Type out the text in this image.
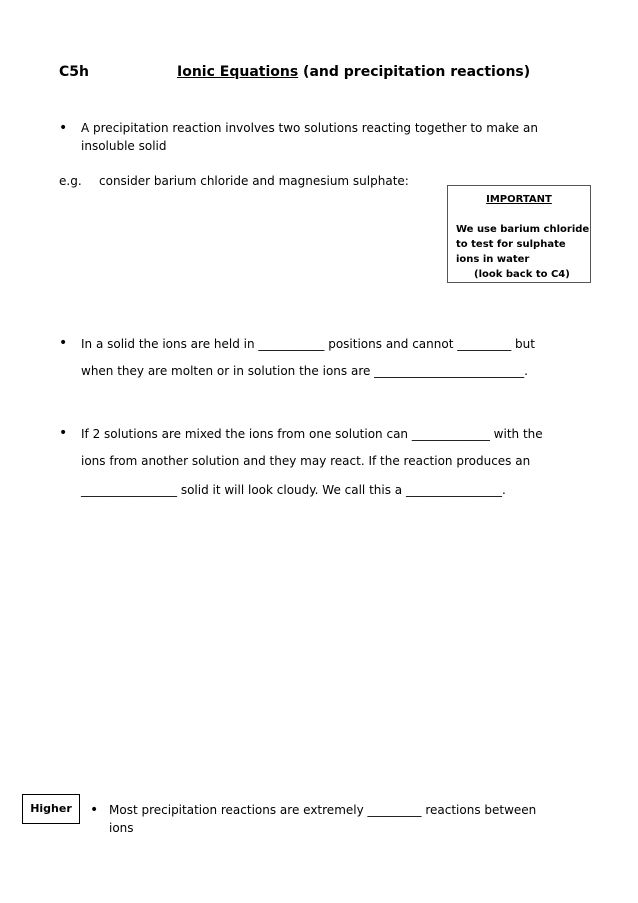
C5h	Ionic Equations (and precipitation reactions)
• A precipitation reaction involves two solutions reacting together to make an
insoluble solid
e.g. consider barium chloride and magnesium sulphate:
IMPORTANT
We use barium chloride
to test for sulphate
ions in water
(look back to C4)
• In a solid the ions are held in ___________ positions and cannot _________ but
when they are molten or in solution the ions are _________________________.
• If 2 solutions are mixed the ions from one solution can _____________ with the
ions from another solution and they may react. If the reaction produces an
________________ solid it will look cloudy. We call this a ________________.
Higher	• Most precipitation reactions are extremely _________ reactions between
ions
